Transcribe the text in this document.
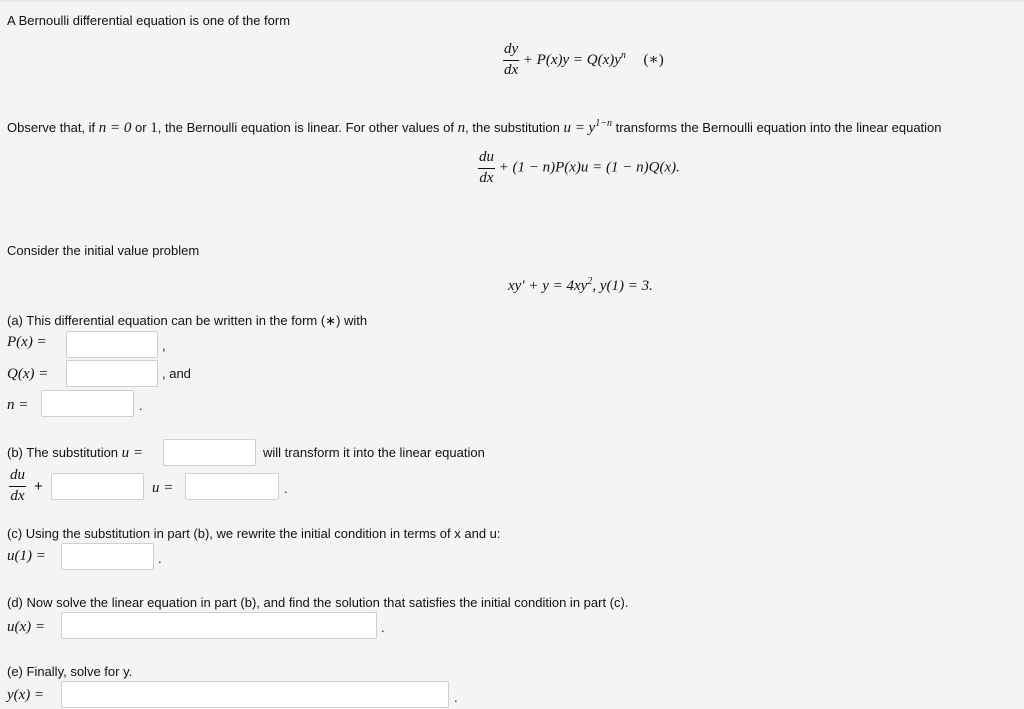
A Bernoulli differential equation is one of the form
$\frac{dy}{dx} + P(x)y = Q(x)y^n$ (∗)
Observe that, if n = 0 or 1, the Bernoulli equation is linear. For other values of n, the substitution $u = y^{1-n}$ transforms the Bernoulli equation into the linear equation
$\frac{du}{dx} + (1 - n)P(x)u = (1 - n)Q(x)$.
Consider the initial value problem
$xy' + y = 4xy^2$, y(1) = 3.
(a) This differential equation can be written in the form (∗) with
P(x) =	,
Q(x) =	, and
n =	.
(b) The substitution u =	will transform it into the linear equation
$\frac{du}{dx}$ +	u =	.
(c) Using the substitution in part (b), we rewrite the initial condition in terms of x and u:
u(1) =	.
(d) Now solve the linear equation in part (b), and find the solution that satisfies the initial condition in part (c).
u(x) =	.
(e) Finally, solve for y.
y(x) =	.
